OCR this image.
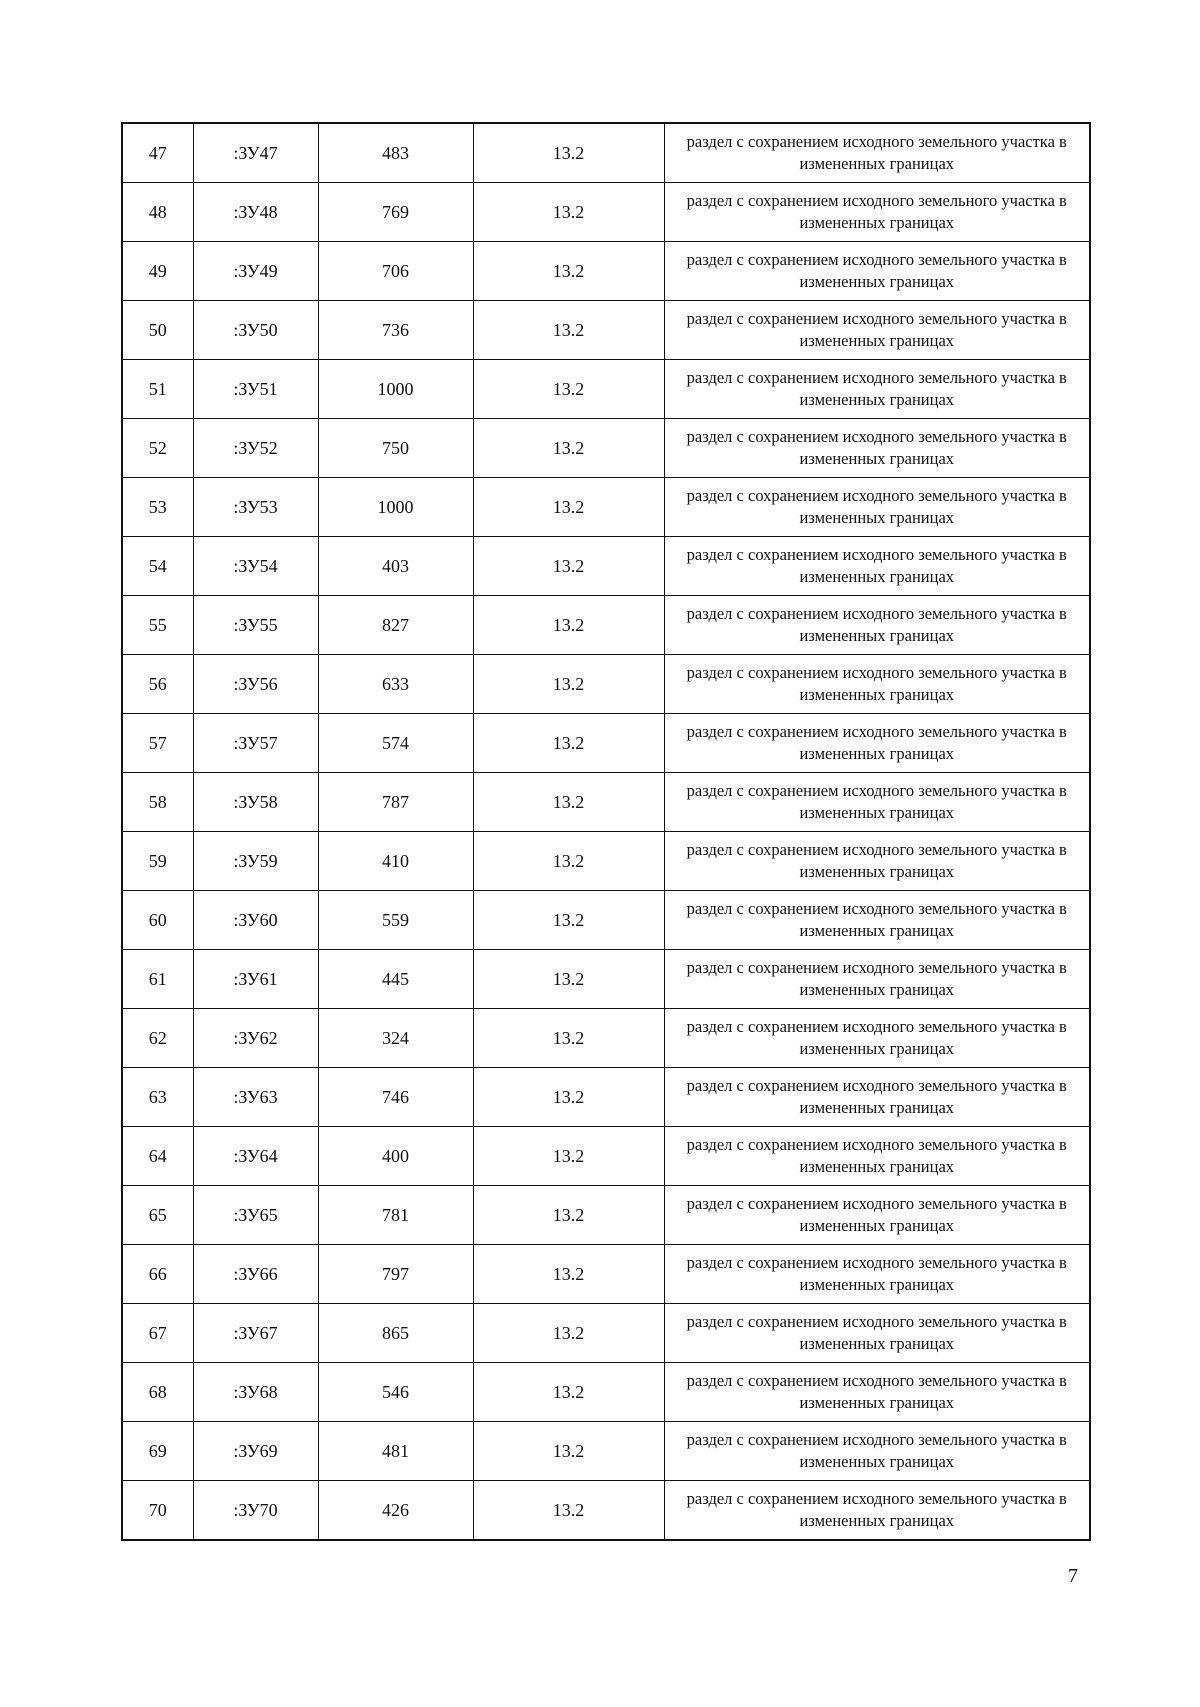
47	:ЗУ47	483	13.2	раздел с сохранением исходного земельного участка в измененных границах
48	:ЗУ48	769	13.2	раздел с сохранением исходного земельного участка в измененных границах
49	:ЗУ49	706	13.2	раздел с сохранением исходного земельного участка в измененных границах
50	:ЗУ50	736	13.2	раздел с сохранением исходного земельного участка в измененных границах
51	:ЗУ51	1000	13.2	раздел с сохранением исходного земельного участка в измененных границах
52	:ЗУ52	750	13.2	раздел с сохранением исходного земельного участка в измененных границах
53	:ЗУ53	1000	13.2	раздел с сохранением исходного земельного участка в измененных границах
54	:ЗУ54	403	13.2	раздел с сохранением исходного земельного участка в измененных границах
55	:ЗУ55	827	13.2	раздел с сохранением исходного земельного участка в измененных границах
56	:ЗУ56	633	13.2	раздел с сохранением исходного земельного участка в измененных границах
57	:ЗУ57	574	13.2	раздел с сохранением исходного земельного участка в измененных границах
58	:ЗУ58	787	13.2	раздел с сохранением исходного земельного участка в измененных границах
59	:ЗУ59	410	13.2	раздел с сохранением исходного земельного участка в измененных границах
60	:ЗУ60	559	13.2	раздел с сохранением исходного земельного участка в измененных границах
61	:ЗУ61	445	13.2	раздел с сохранением исходного земельного участка в измененных границах
62	:ЗУ62	324	13.2	раздел с сохранением исходного земельного участка в измененных границах
63	:ЗУ63	746	13.2	раздел с сохранением исходного земельного участка в измененных границах
64	:ЗУ64	400	13.2	раздел с сохранением исходного земельного участка в измененных границах
65	:ЗУ65	781	13.2	раздел с сохранением исходного земельного участка в измененных границах
66	:ЗУ66	797	13.2	раздел с сохранением исходного земельного участка в измененных границах
67	:ЗУ67	865	13.2	раздел с сохранением исходного земельного участка в измененных границах
68	:ЗУ68	546	13.2	раздел с сохранением исходного земельного участка в измененных границах
69	:ЗУ69	481	13.2	раздел с сохранением исходного земельного участка в измененных границах
70	:ЗУ70	426	13.2	раздел с сохранением исходного земельного участка в измененных границах
7
